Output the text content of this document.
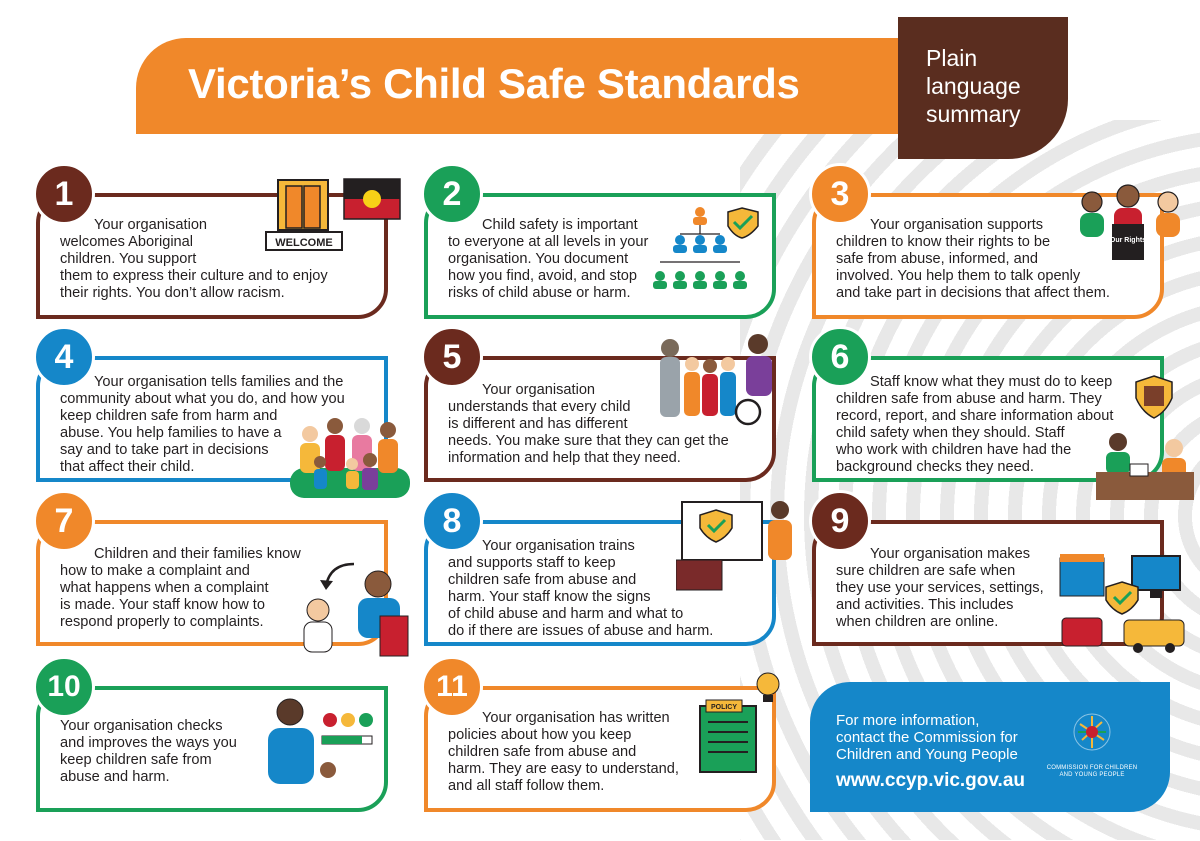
Victoria’s Child Safe Standards
Plain
language
summary
Your organisation
welcomes Aboriginal
children. You support
them to express their culture and to enjoy
their rights. You don’t allow racism.
1
WELCOME
Child safety is important
to everyone at all levels in your
organisation. You document
how you find, avoid, and stop
risks of child abuse or harm.
2
Your organisation supports
children to know their rights to be
safe from abuse, informed, and
involved. You help them to talk openly
and take part in decisions that affect them.
3
Our Rights
Your organisation tells families and the
community about what you do, and how you
keep children safe from harm and
abuse. You help families to have a
say and to take part in decisions
that affect their child.
4
Your organisation
understands that every child
is different and has different
needs. You make sure that they can get the
information and help that they need.
5
Staff know what they must do to keep
children safe from abuse and harm. They
record, report, and share information about
child safety when they should. Staff
who work with children have had the
background checks they need.
6
Children and their families know
how to make a complaint and
what happens when a complaint
is made. Your staff know how to
respond properly to complaints.
7
Your organisation trains
and supports staff to keep
children safe from abuse and
harm. Your staff know the signs
of child abuse and harm and what to
do if there are issues of abuse and harm.
8
Your organisation makes
sure children are safe when
they use your services, settings,
and activities. This includes
when children are online.
9
Your organisation checks
and improves the ways you
keep children safe from
abuse and harm.
10
Your organisation has written
policies about how you keep
children safe from abuse and
harm. They are easy to understand,
and all staff follow them.
11
POLICY
For more information,
contact the Commission for
Children and Young People
www.ccyp.vic.gov.au
COMMISSION FOR CHILDREN
AND YOUNG PEOPLE
